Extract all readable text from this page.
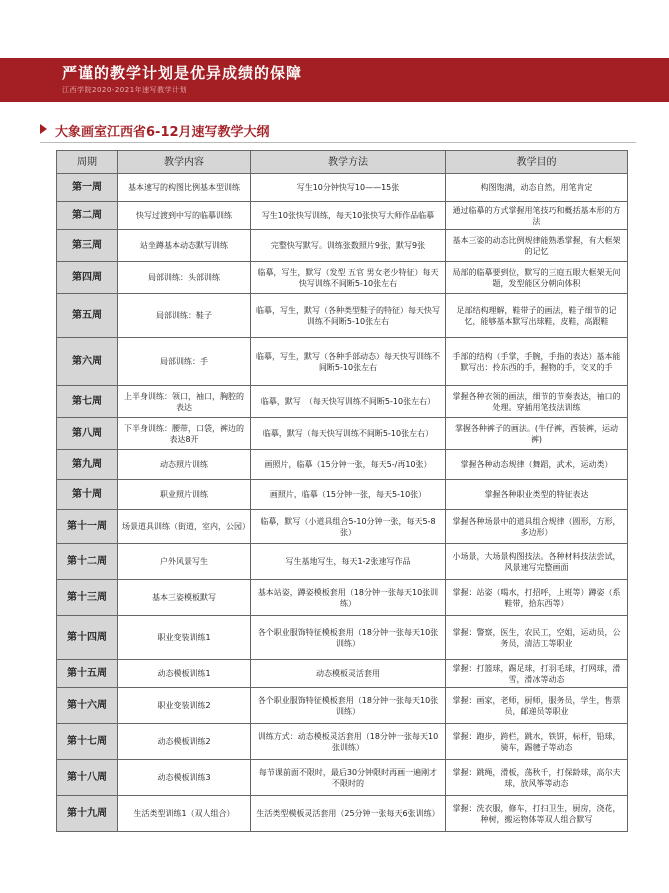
严谨的教学计划是优异成绩的保障
江西学院2020-2021年速写教学计划
大象画室江西省6-12月速写教学大纲
周期	教学内容	教学方法	教学目的
第一周	基本速写的构图比例基本型训练	写生10分钟快写10——15张	构图饱满，动态自然，用笔肯定
第二周	快写过渡到中写的临摹训练	写生10张快写训练，每天10张快写大师作品临摹	通过临摹的方式掌握用笔技巧和概括基本形的方法
第三周	站坐蹲基本动态默写训练	完整快写默写。训练张数照片9张，默写9张	基本三姿的动态比例规律能熟悉掌握，有大框架的记忆
第四周	局部训练：头部训练	临摹，写生，默写（发型 五官 男女老少特征）每天快写训练不间断5-10张左右	局部的临摹要到位，默写的三庭五眼大框架无问题，发型能区分朝向体积
第五周	局部训练：鞋子	临摹，写生，默写（各种类型鞋子的特征）每天快写训练不间断5-10张左右	足部结构理解，鞋带子的画法，鞋子细节的记忆，能够基本默写出球鞋，皮鞋，高跟鞋
第六周	局部训练：手	临摹，写生，默写（各种手部动态）每天快写训练不间断5-10张左右	手部的结构（手掌，手腕，手指的表达）基本能默写出：拎东西的手，握物的手，交叉的手
第七周	上半身训练：领口，袖口，胸腔的表达	临摹，默写　（每天快写训练不间断5-10张左右）	掌握各种衣领的画法，细节的节奏表达，袖口的处理。穿插用笔技法训练
第八周	下半身训练：腰带，口袋，裤边的表达8开	临摹，默写（每天快写训练不间断5-10张左右）	掌握各种裤子的画法。(牛仔裤，西装裤，运动裤)
第九周	动态照片训练	画照片，临摹（15分钟一张，每天5-/再10张）	掌握各种动态规律（舞蹈，武术，运动类）
第十周	职业照片训练	画照片，临摹（15分钟一张，每天5-10张）	掌握各种职业类型的特征表达
第十一周	场景道具训练（街道，室内，公园）	临摹，默写（小道具组合5-10分钟一张，每天5-8张）	掌握各种场景中的道具组合规律（圆形，方形，多边形）
第十二周	户外风景写生	写生基地写生，每天1-2张速写作品	小场景，大场景构图技法。各种材料技法尝试，风景速写完整画面
第十三周	基本三姿模板默写	基本站姿，蹲姿模板套用（18分钟一张每天10张训练）	掌握：站姿（喝水，打招呼，上班等）蹲姿（系鞋带，拾东西等）
第十四周	职业变装训练1	各个职业服饰特征模板套用（18分钟一张每天10张训练）	掌握：警察，医生，农民工，空姐，运动员，公务员，清洁工等职业
第十五周	动态模板训练1	动态模板灵活套用	掌握：打篮球，踢足球，打羽毛球，打网球，滑雪，滑冰等动态
第十六周	职业变装训练2	各个职业服饰特征模板套用（18分钟一张每天10张训练）	掌握：画家，老师，厨师，服务员，学生，售票员，邮递员等职业
第十七周	动态模板训练2	训练方式：动态模板灵活套用（18分钟一张每天10张训练）	掌握：跑步，跨栏，跳水，铁饼，标杆，铅球，骑车，踢毽子等动态
第十八周	动态模板训练3	每节课前面不限时，最后30分钟限时再画一遍刚才不限时的	掌握：跳绳，滑板，荡秋千，打保龄球，高尔夫球，放风筝等动态
第十九周	生活类型训练1（双人组合）	生活类型模板灵活套用（25分钟一张每天6张训练）	掌握：洗衣服，修车，打扫卫生，厨房，浇花，种树，搬运物体等双人组合默写
